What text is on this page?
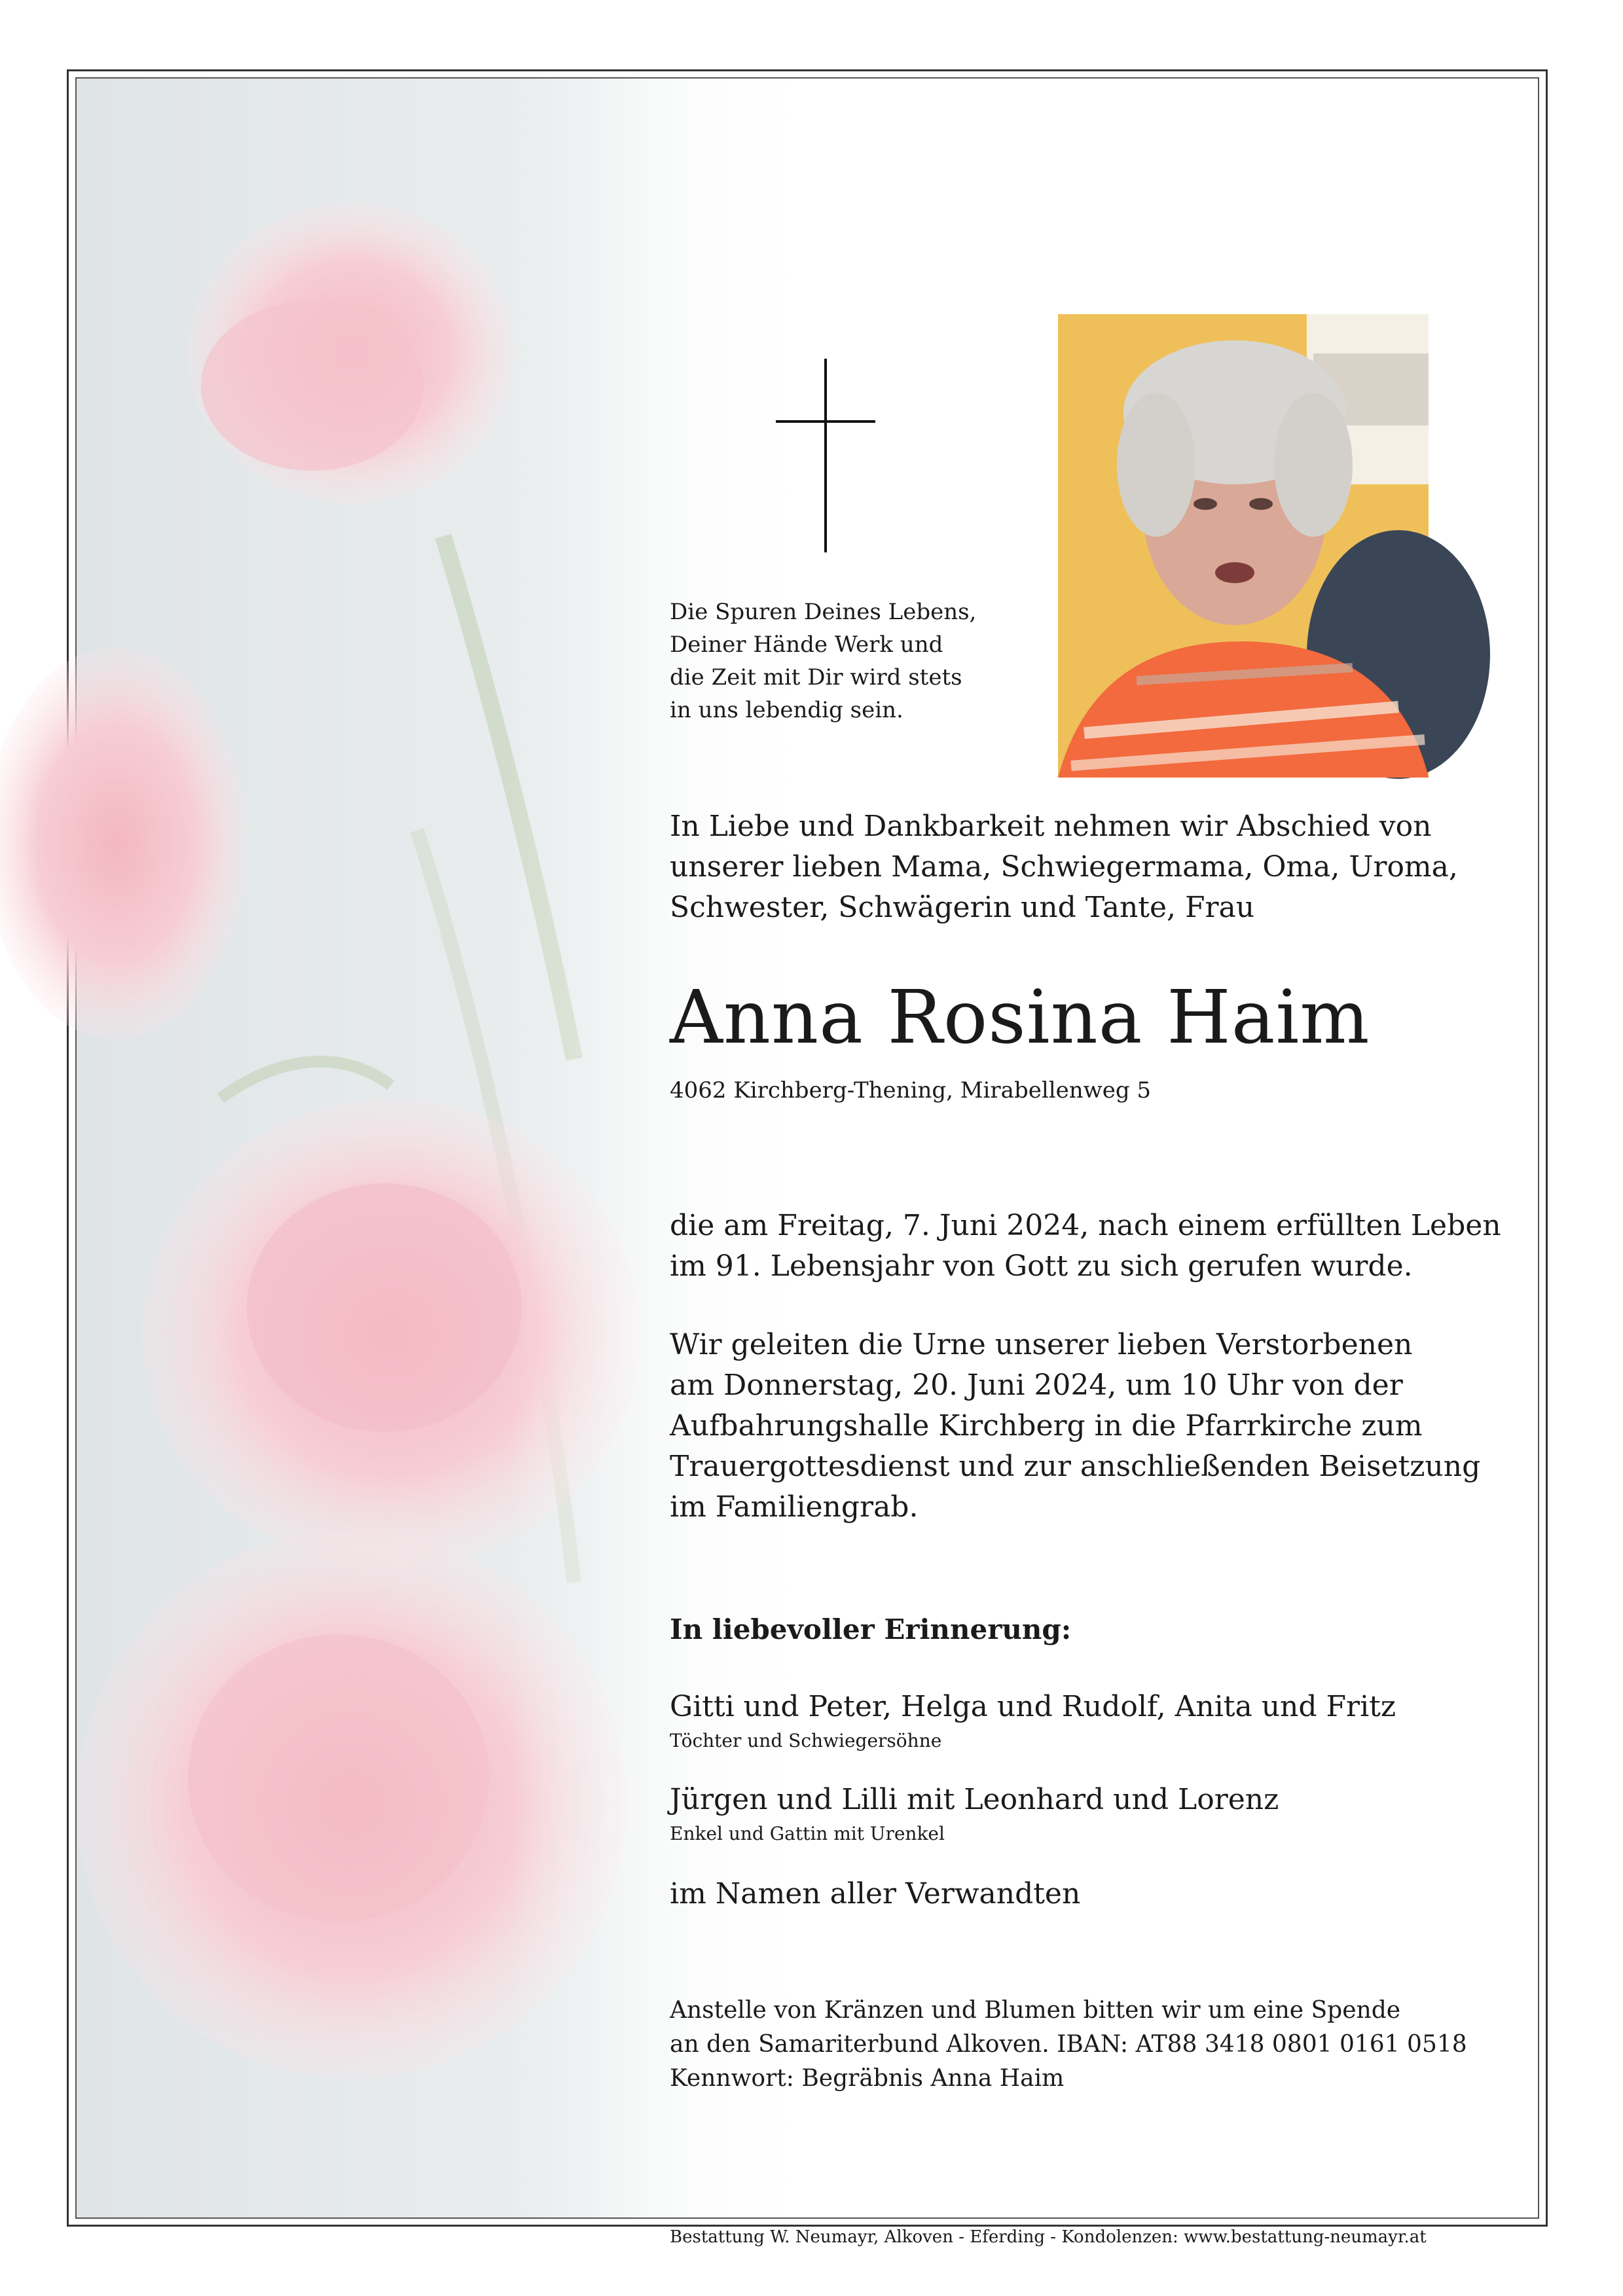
Die Spuren Deines Lebens,
Deiner Hände Werk und
die Zeit mit Dir wird stets
in uns lebendig sein.
In Liebe und Dankbarkeit nehmen wir Abschied von
unserer lieben Mama, Schwiegermama, Oma, Uroma,
Schwester, Schwägerin und Tante, Frau
Anna Rosina Haim
4062 Kirchberg-Thening, Mirabellenweg 5
die am Freitag, 7. Juni 2024, nach einem erfüllten Leben
im 91. Lebensjahr von Gott zu sich gerufen wurde.
Wir geleiten die Urne unserer lieben Verstorbenen
am Donnerstag, 20. Juni 2024, um 10 Uhr von der
Aufbahrungshalle Kirchberg in die Pfarrkirche zum
Trauergottesdienst und zur anschließenden Beisetzung
im Familiengrab.
In liebevoller Erinnerung:
Gitti und Peter, Helga und Rudolf, Anita und Fritz
Töchter und Schwiegersöhne
Jürgen und Lilli mit Leonhard und Lorenz
Enkel und Gattin mit Urenkel
im Namen aller Verwandten
Anstelle von Kränzen und Blumen bitten wir um eine Spende
an den Samariterbund Alkoven. IBAN: AT88 3418 0801 0161 0518
Kennwort: Begräbnis Anna Haim
Bestattung W. Neumayr, Alkoven - Eferding - Kondolenzen: www.bestattung-neumayr.at
